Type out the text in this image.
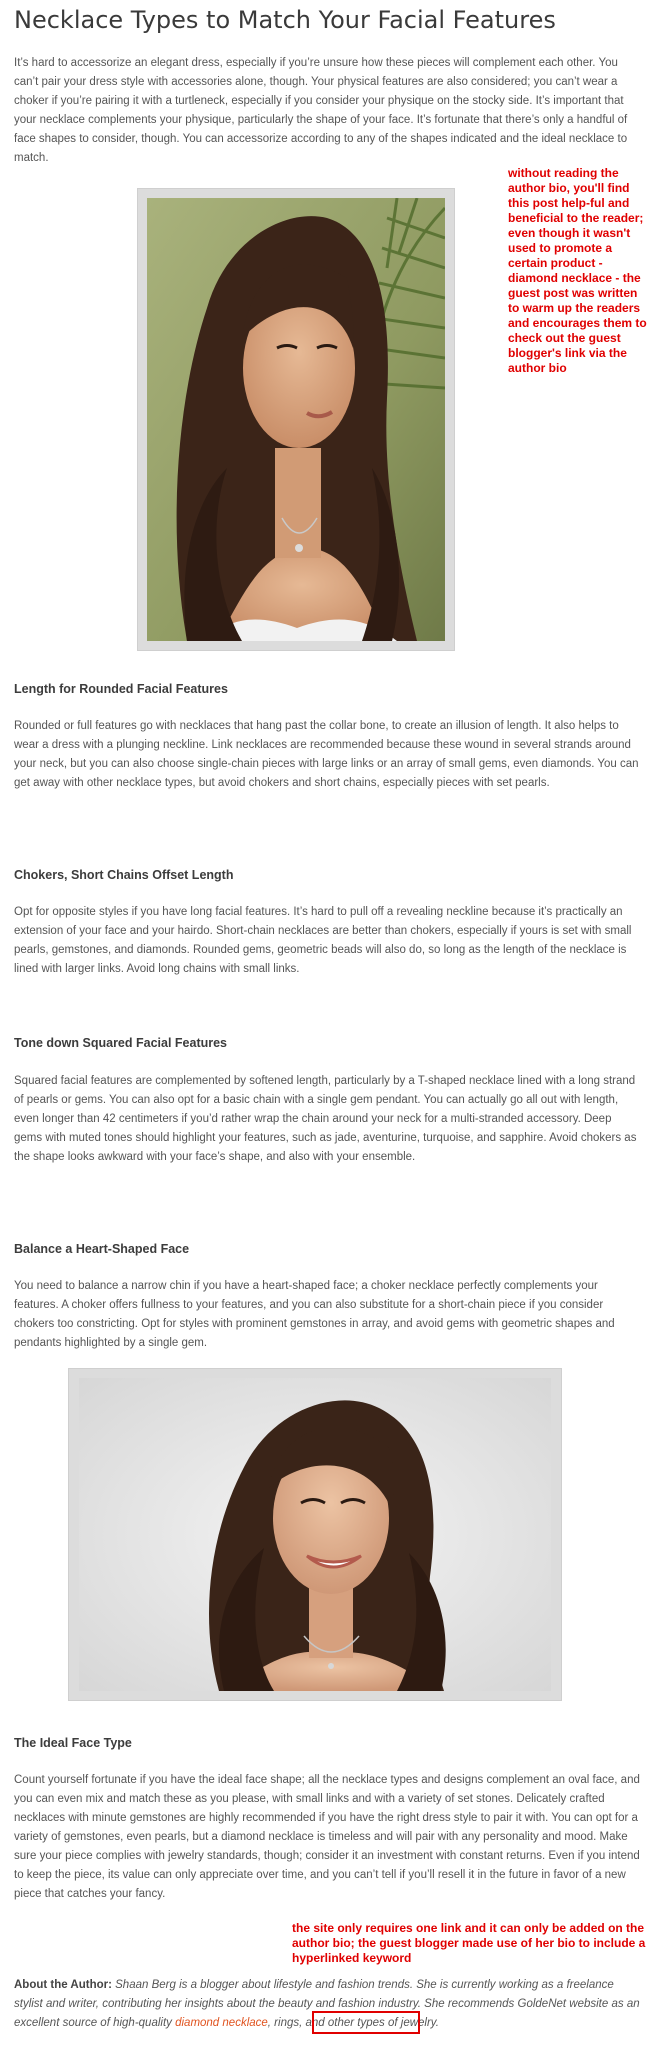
Necklace Types to Match Your Facial Features

It’s hard to accessorize an elegant dress, especially if you’re unsure how these pieces will complement each other. You can’t pair your dress style with accessories alone, though. Your physical features are also considered; you can’t wear a choker if you’re pairing it with a turtleneck, especially if you consider your physique on the stocky side. It’s important that your necklace complements your physique, particularly the shape of your face. It’s fortunate that there’s only a handful of face shapes to consider, though. You can accessorize according to any of the shapes indicated and the ideal necklace to match.

without reading the author bio, you'll find this post help-ful and beneficial to the reader; even though it wasn't used to promote a certain product - diamond necklace - the guest post was written to warm up the readers and encourages them to check out the guest blogger's link via the author bio
Length for Rounded Facial Features

Rounded or full features go with necklaces that hang past the collar bone, to create an illusion of length. It also helps to wear a dress with a plunging neckline. Link necklaces are recommended because these wound in several strands around your neck, but you can also choose single-chain pieces with large links or an array of small gems, even diamonds. You can get away with other necklace types, but avoid chokers and short chains, especially pieces with set pearls.

Chokers, Short Chains Offset Length

Opt for opposite styles if you have long facial features. It’s hard to pull off a revealing neckline because it’s practically an extension of your face and your hairdo. Short-chain necklaces are better than chokers, especially if yours is set with small pearls, gemstones, and diamonds. Rounded gems, geometric beads will also do, so long as the length of the necklace is lined with larger links. Avoid long chains with small links.

Tone down Squared Facial Features

Squared facial features are complemented by softened length, particularly by a T-shaped necklace lined with a long strand of pearls or gems. You can also opt for a basic chain with a single gem pendant. You can actually go all out with length, even longer than 42 centimeters if you’d rather wrap the chain around your neck for a multi-stranded accessory. Deep gems with muted tones should highlight your features, such as jade, aventurine, turquoise, and sapphire. Avoid chokers as the shape looks awkward with your face’s shape, and also with your ensemble.

Balance a Heart-Shaped Face

You need to balance a narrow chin if you have a heart-shaped face; a choker necklace perfectly complements your features. A choker offers fullness to your features, and you can also substitute for a short-chain piece if you consider chokers too constricting. Opt for styles with prominent gemstones in array, and avoid gems with geometric shapes and pendants highlighted by a single gem.

The Ideal Face Type

Count yourself fortunate if you have the ideal face shape; all the necklace types and designs complement an oval face, and you can even mix and match these as you please, with small links and with a variety of set stones. Delicately crafted necklaces with minute gemstones are highly recommended if you have the right dress style to pair it with. You can opt for a variety of gemstones, even pearls, but a diamond necklace is timeless and will pair with any personality and mood. Make sure your piece complies with jewelry standards, though; consider it an investment with constant returns. Even if you intend to keep the piece, its value can only appreciate over time, and you can’t tell if you’ll resell it in the future in favor of a new piece that catches your fancy.

the site only requires one link and it can only be added on the author bio; the guest blogger made use of her bio to include a hyperlinked keyword

About the Author: Shaan Berg is a blogger about lifestyle and fashion trends. She is currently working as a freelance stylist and writer, contributing her insights about the beauty and fashion industry. She recommends GoldeNet website as an excellent source of high-quality diamond necklace, rings, and other types of jewelry.
